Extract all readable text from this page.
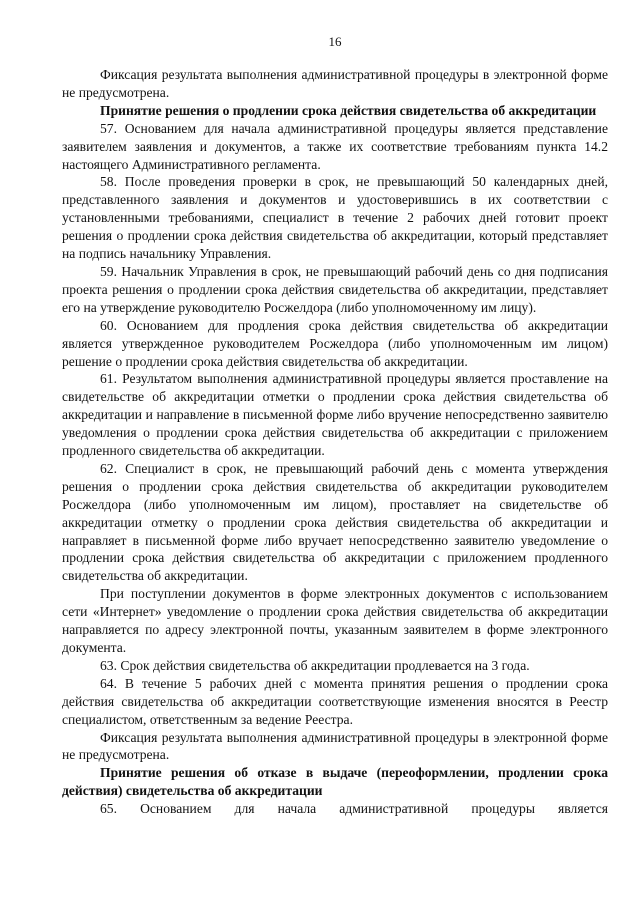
16

Фиксация результата выполнения административной процедуры в электронной форме не предусмотрена.

Принятие решения о продлении срока действия свидетельства об аккредитации

57. Основанием для начала административной процедуры является представление заявителем заявления и документов, а также их соответствие требованиям пункта 14.2 настоящего Административного регламента.

58. После проведения проверки в срок, не превышающий 50 календарных дней, представленного заявления и документов и удостоверившись в их соответствии с установленными требованиями, специалист в течение 2 рабочих дней готовит проект решения о продлении срока действия свидетельства об аккредитации, который представляет на подпись начальнику Управления.

59. Начальник Управления в срок, не превышающий рабочий день со дня подписания проекта решения о продлении срока действия свидетельства об аккредитации, представляет его на утверждение руководителю Росжелдора (либо уполномоченному им лицу).

60. Основанием для продления срока действия свидетельства об аккредитации является утвержденное руководителем Росжелдора (либо уполномоченным им лицом) решение о продлении срока действия свидетельства об аккредитации.

61. Результатом выполнения административной процедуры является проставление на свидетельстве об аккредитации отметки о продлении срока действия свидетельства об аккредитации и направление в письменной форме либо вручение непосредственно заявителю уведомления о продлении срока действия свидетельства об аккредитации с приложением продленного свидетельства об аккредитации.

62. Специалист в срок, не превышающий рабочий день с момента утверждения решения о продлении срока действия свидетельства об аккредитации руководителем Росжелдора (либо уполномоченным им лицом), проставляет на свидетельстве об аккредитации отметку о продлении срока действия свидетельства об аккредитации и направляет в письменной форме либо вручает непосредственно заявителю уведомление о продлении срока действия свидетельства об аккредитации с приложением продленного свидетельства об аккредитации.

При поступлении документов в форме электронных документов с использованием сети «Интернет» уведомление о продлении срока действия свидетельства об аккредитации направляется по адресу электронной почты, указанным заявителем в форме электронного документа.

63. Срок действия свидетельства об аккредитации продлевается на 3 года.

64. В течение 5 рабочих дней с момента принятия решения о продлении срока действия свидетельства об аккредитации соответствующие изменения вносятся в Реестр специалистом, ответственным за ведение Реестра.

Фиксация результата выполнения административной процедуры в электронной форме не предусмотрена.

Принятие решения об отказе в выдаче (переоформлении, продлении срока действия) свидетельства об аккредитации

65. Основанием для начала административной процедуры является
